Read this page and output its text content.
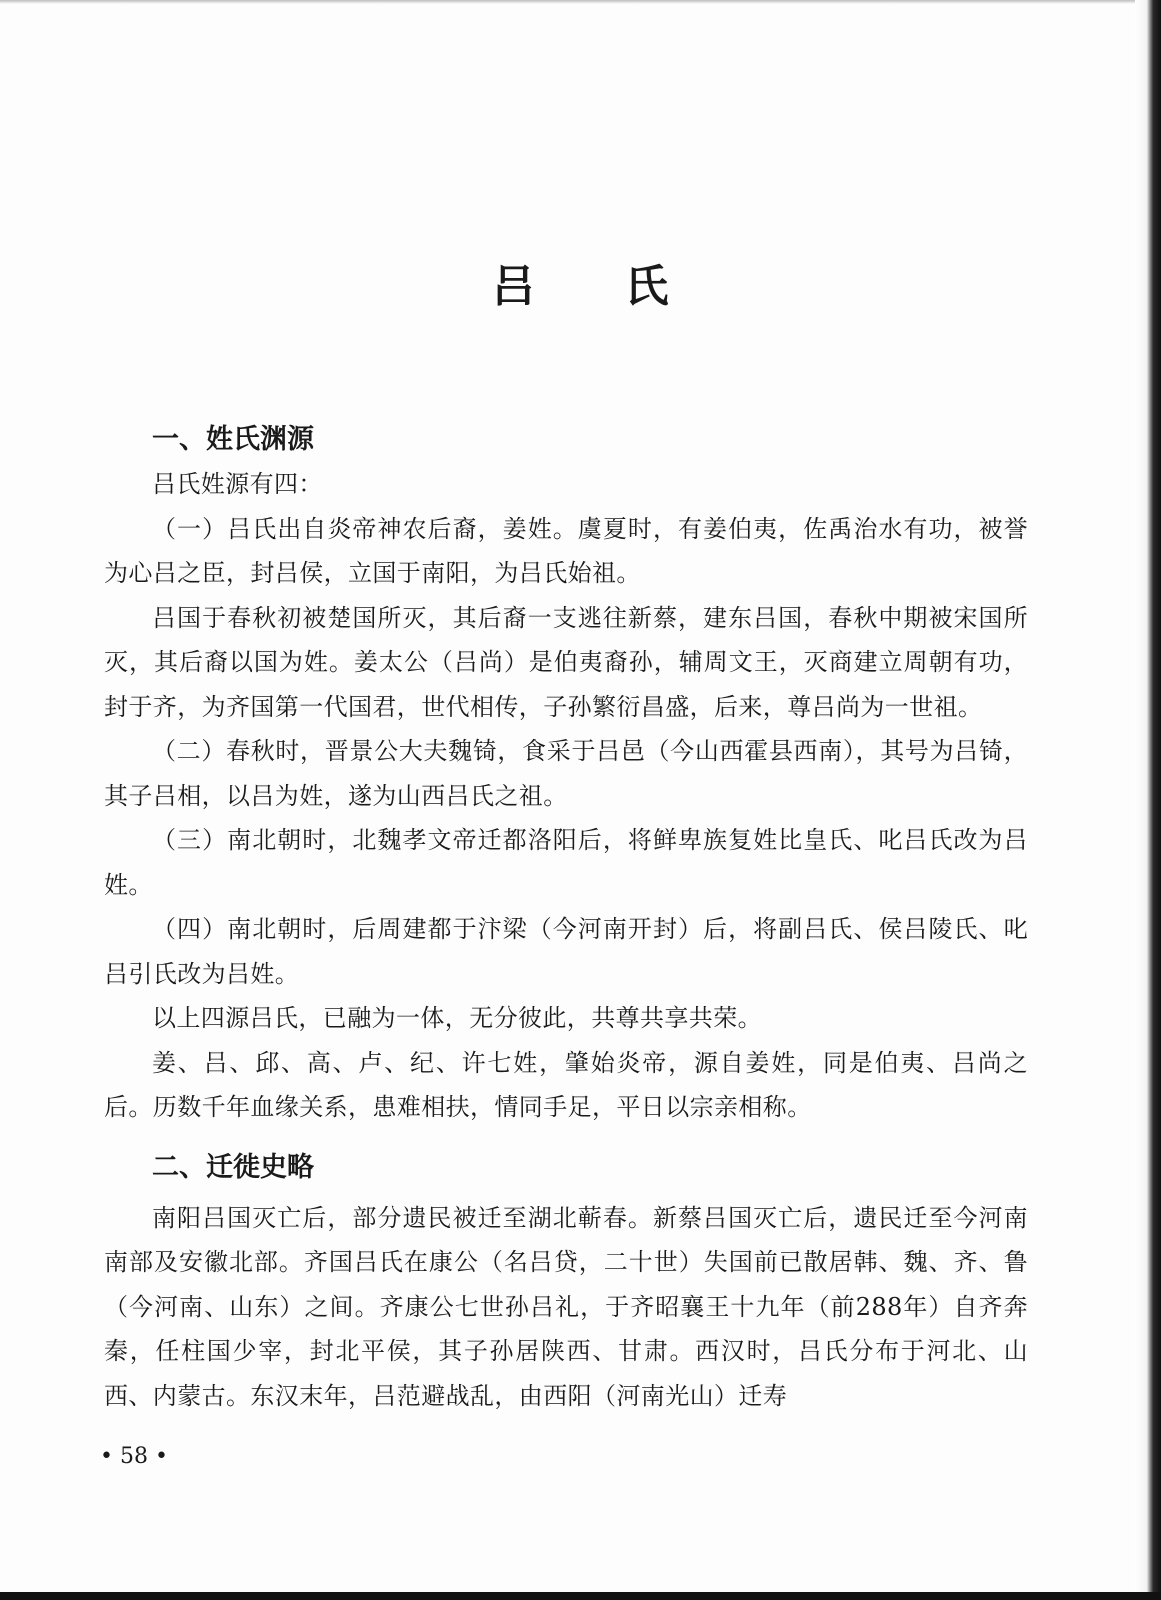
吕 氏
一、姓氏渊源

吕氏姓源有四：

（一）吕氏出自炎帝神农后裔，姜姓。虞夏时，有姜伯夷，佐禹治水有功，被誉为心吕之臣，封吕侯，立国于南阳，为吕氏始祖。

吕国于春秋初被楚国所灭，其后裔一支逃往新蔡，建东吕国，春秋中期被宋国所灭，其后裔以国为姓。姜太公（吕尚）是伯夷裔孙，辅周文王，灭商建立周朝有功，封于齐，为齐国第一代国君，世代相传，子孙繁衍昌盛，后来，尊吕尚为一世祖。

（二）春秋时，晋景公大夫魏锜，食采于吕邑（今山西霍县西南），其号为吕锜，其子吕相，以吕为姓，遂为山西吕氏之祖。

（三）南北朝时，北魏孝文帝迁都洛阳后，将鲜卑族复姓比皇氏、叱吕氏改为吕姓。

（四）南北朝时，后周建都于汴梁（今河南开封）后，将副吕氏、侯吕陵氏、叱吕引氏改为吕姓。

以上四源吕氏，已融为一体，无分彼此，共尊共享共荣。

姜、吕、邱、高、卢、纪、许七姓，肇始炎帝，源自姜姓，同是伯夷、吕尚之后。历数千年血缘关系，患难相扶，情同手足，平日以宗亲相称。

二、迁徙史略

南阳吕国灭亡后，部分遗民被迁至湖北蕲春。新蔡吕国灭亡后，遗民迁至今河南南部及安徽北部。齐国吕氏在康公（名吕贷，二十世）失国前已散居韩、魏、齐、鲁（今河南、山东）之间。齐康公七世孙吕礼，于齐昭襄王十九年（前288年）自齐奔秦，任柱国少宰，封北平侯，其子孙居陕西、甘肃。西汉时，吕氏分布于河北、山西、内蒙古。东汉末年，吕范避战乱，由西阳（河南光山）迁寿

• 58 •
